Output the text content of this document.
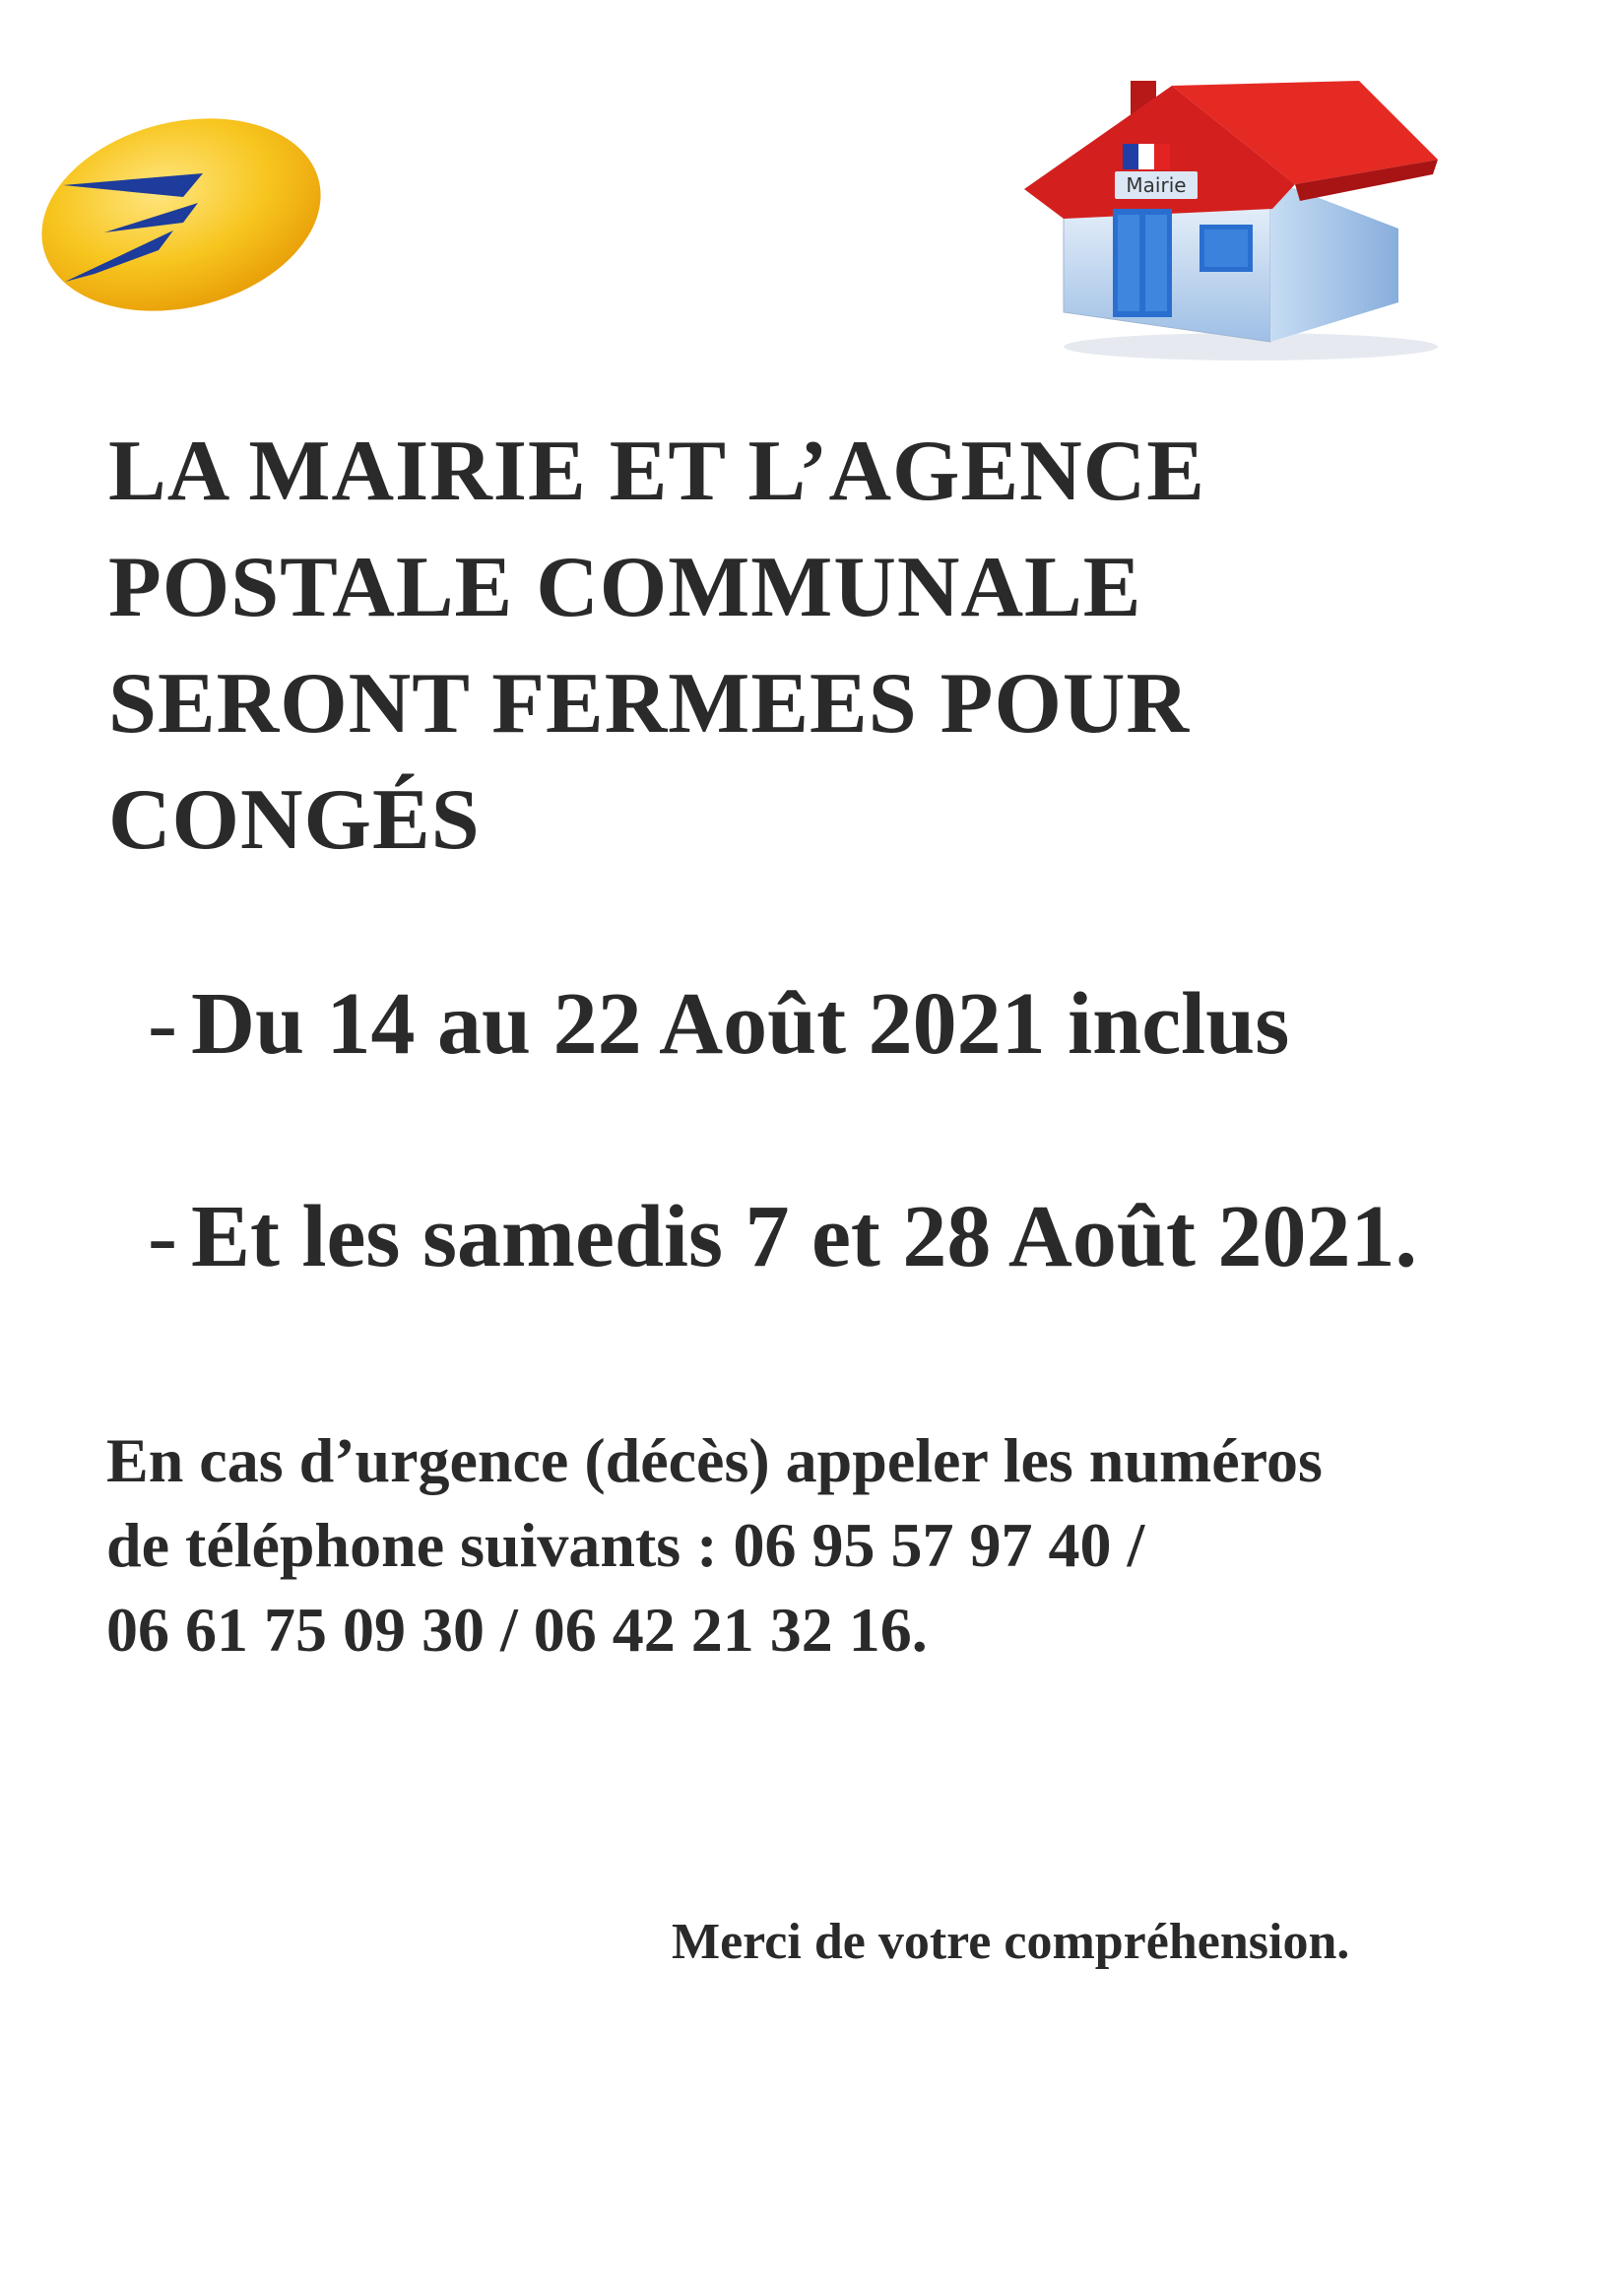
Mairie
LA MAIRIE ET L’AGENCE
POSTALE COMMUNALE
SERONT FERMEES POUR
CONGÉS
- Du 14 au 22 Août 2021 inclus
- Et les samedis 7 et 28 Août 2021.

En cas d’urgence (décès) appeler les numéros
de téléphone suivants : 06 95 57 97 40 /
06 61 75 09 30 / 06 42 21 32 16.

Merci de votre compréhension.
